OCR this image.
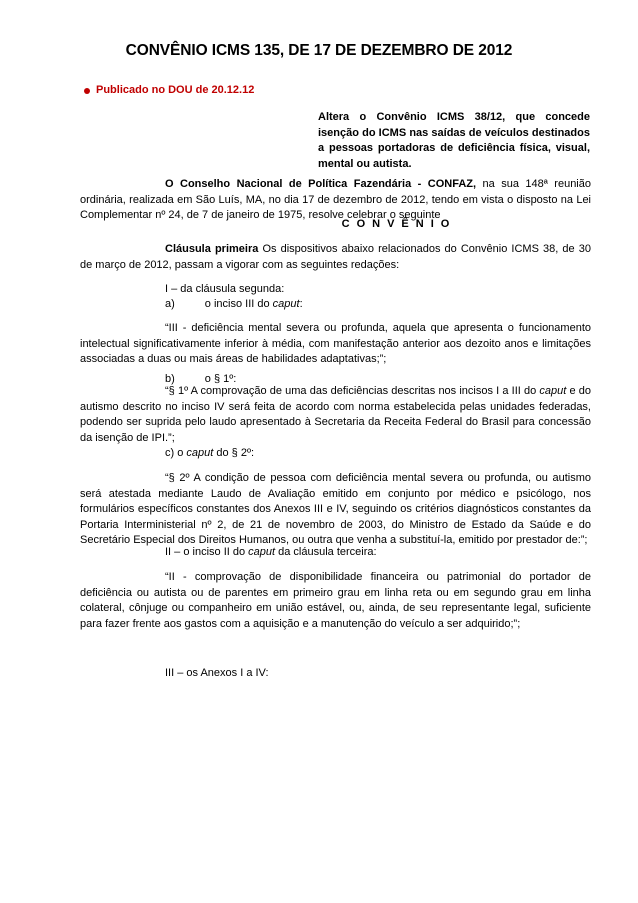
CONVÊNIO ICMS 135, DE 17 DE DEZEMBRO DE 2012
Publicado no DOU de 20.12.12
Altera o Convênio ICMS 38/12, que concede isenção do ICMS nas saídas de veículos destinados a pessoas portadoras de deficiência física, visual, mental ou autista.
O Conselho Nacional de Política Fazendária - CONFAZ, na sua 148ª reunião ordinária, realizada em São Luís, MA, no dia 17 de dezembro de 2012, tendo em vista o disposto na Lei Complementar nº 24, de 7 de janeiro de 1975, resolve celebrar o seguinte
CONVÊNIO
Cláusula primeira Os dispositivos abaixo relacionados do Convênio ICMS 38, de 30 de março de 2012, passam a vigorar com as seguintes redações:
I – da cláusula segunda:
a)	o inciso III do caput:
“III - deficiência mental severa ou profunda, aquela que apresenta o funcionamento intelectual significativamente inferior à média, com manifestação anterior aos dezoito anos e limitações associadas a duas ou mais áreas de habilidades adaptativas;”;
b)	o § 1º:
“§ 1º A comprovação de uma das deficiências descritas nos incisos I a III do caput e do autismo descrito no inciso IV será feita de acordo com norma estabelecida pelas unidades federadas, podendo ser suprida pelo laudo apresentado à Secretaria da Receita Federal do Brasil para concessão da isenção de IPI.”;
c) o caput do § 2º:
“§ 2º A condição de pessoa com deficiência mental severa ou profunda, ou autismo será atestada mediante Laudo de Avaliação emitido em conjunto por médico e psicólogo, nos formulários específicos constantes dos Anexos III e IV, seguindo os critérios diagnósticos constantes da Portaria Interministerial nº 2, de 21 de novembro de 2003, do Ministro de Estado da Saúde e do Secretário Especial dos Direitos Humanos, ou outra que venha a substituí-la, emitido por prestador de:”;
II – o inciso II do caput da cláusula terceira:
“II - comprovação de disponibilidade financeira ou patrimonial do portador de deficiência ou autista ou de parentes em primeiro grau em linha reta ou em segundo grau em linha colateral, cônjuge ou companheiro em união estável, ou, ainda, de seu representante legal, suficiente para fazer frente aos gastos com a aquisição e a manutenção do veículo a ser adquirido;”;
III – os Anexos I a IV:
